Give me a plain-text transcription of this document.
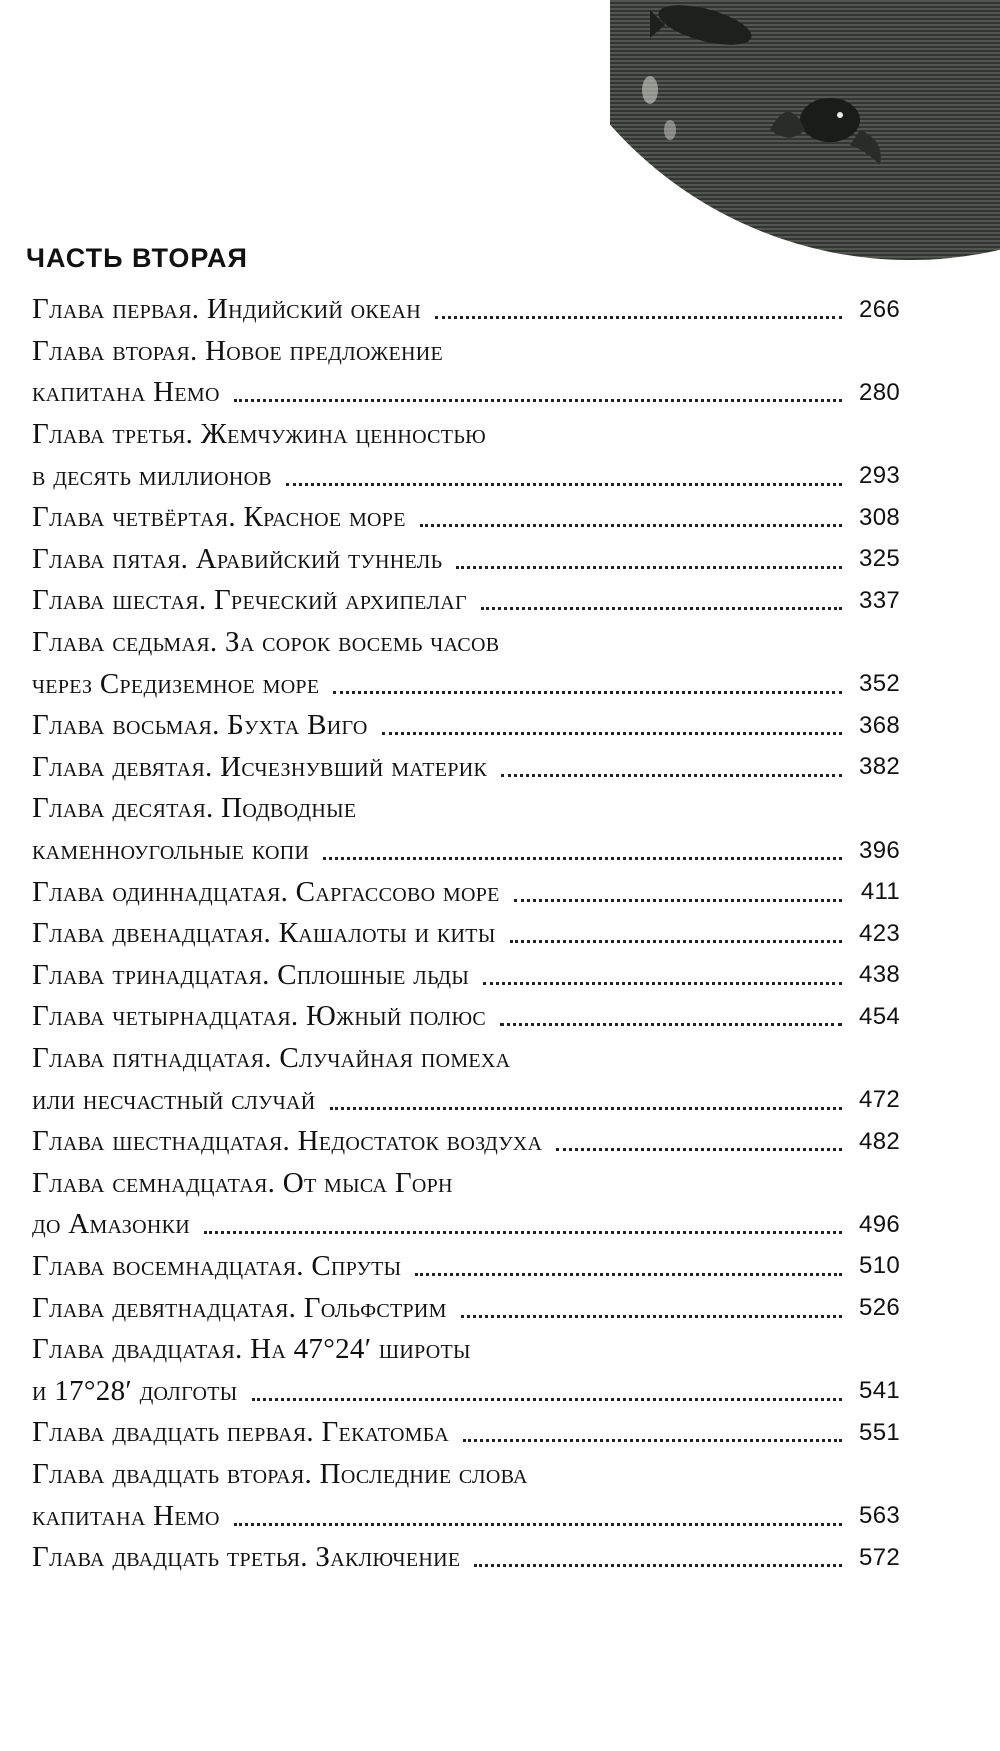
ЧАСТЬ ВТОРАЯ
Глава первая. Индийский океан	266
Глава вторая. Новое предложение
капитана Немо	280
Глава третья. Жемчужина ценностью
в десять миллионов	293
Глава четвёртая. Красное море	308
Глава пятая. Аравийский туннель	325
Глава шестая. Греческий архипелаг	337
Глава седьмая. За сорок восемь часов
через Средиземное море	352
Глава восьмая. Бухта Виго	368
Глава девятая. Исчезнувший материк	382
Глава десятая. Подводные
каменноугольные копи	396
Глава одиннадцатая. Саргассово море	411
Глава двенадцатая. Кашалоты и киты	423
Глава тринадцатая. Сплошные льды	438
Глава четырнадцатая. Южный полюс	454
Глава пятнадцатая. Случайная помеха
или несчастный случай	472
Глава шестнадцатая. Недостаток воздуха	482
Глава семнадцатая. От мыса Горн
до Амазонки	496
Глава восемнадцатая. Спруты	510
Глава девятнадцатая. Гольфстрим	526
Глава двадцатая. На 47°24′ широты
и 17°28′ долготы	541
Глава двадцать первая. Гекатомба	551
Глава двадцать вторая. Последние слова
капитана Немо	563
Глава двадцать третья. Заключение	572
